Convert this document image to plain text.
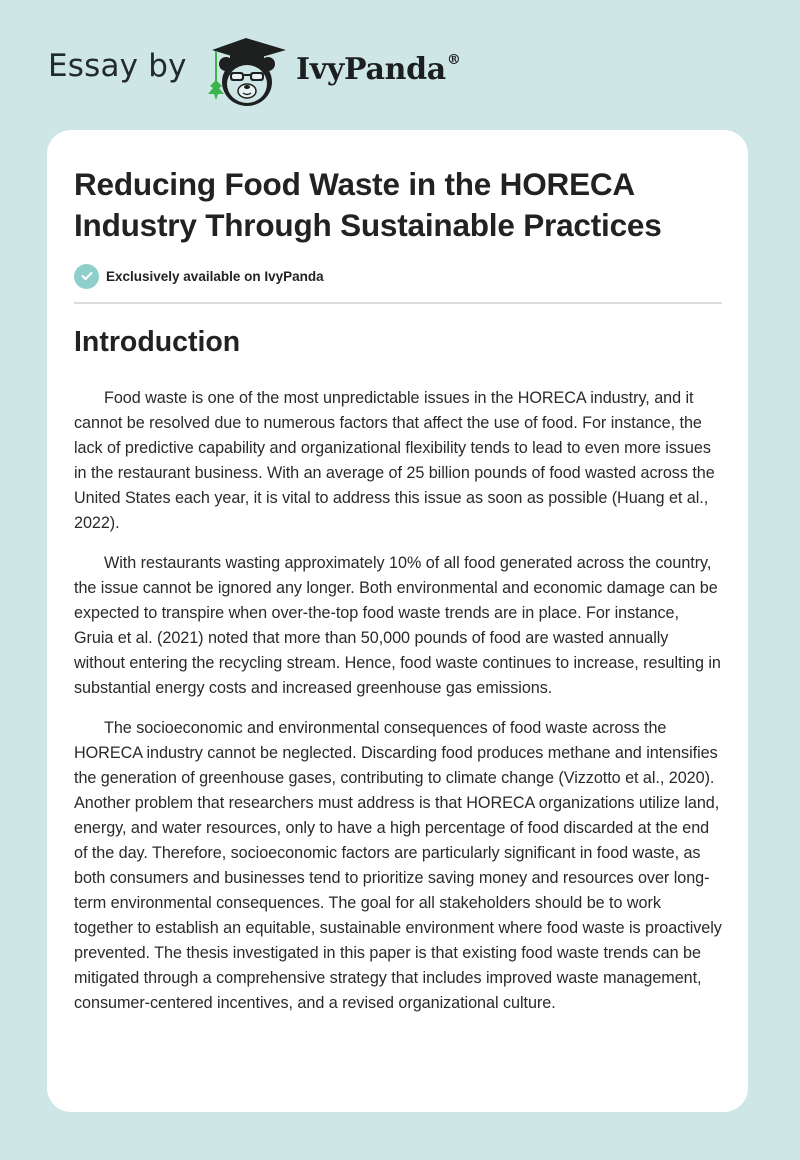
Essay by	IvyPanda®
Reducing Food Waste in the HORECA Industry Through Sustainable Practices
Exclusively available on IvyPanda
Introduction

Food waste is one of the most unpredictable issues in the HORECA industry, and it cannot be resolved due to numerous factors that affect the use of food. For instance, the lack of predictive capability and organizational flexibility tends to lead to even more issues in the restaurant business. With an average of 25 billion pounds of food wasted across the United States each year, it is vital to address this issue as soon as possible (Huang et al., 2022).

With restaurants wasting approximately 10% of all food generated across the country, the issue cannot be ignored any longer. Both environmental and economic damage can be expected to transpire when over-the-top food waste trends are in place. For instance, Gruia et al. (2021) noted that more than 50,000 pounds of food are wasted annually without entering the recycling stream. Hence, food waste continues to increase, resulting in substantial energy costs and increased greenhouse gas emissions.

The socioeconomic and environmental consequences of food waste across the HORECA industry cannot be neglected. Discarding food produces methane and intensifies the generation of greenhouse gases, contributing to climate change (Vizzotto et al., 2020). Another problem that researchers must address is that HORECA organizations utilize land, energy, and water resources, only to have a high percentage of food discarded at the end of the day. Therefore, socioeconomic factors are particularly significant in food waste, as both consumers and businesses tend to prioritize saving money and resources over long-term environmental consequences. The goal for all stakeholders should be to work together to establish an equitable, sustainable environment where food waste is proactively prevented. The thesis investigated in this paper is that existing food waste trends can be mitigated through a comprehensive strategy that includes improved waste management, consumer-centered incentives, and a revised organizational culture.
